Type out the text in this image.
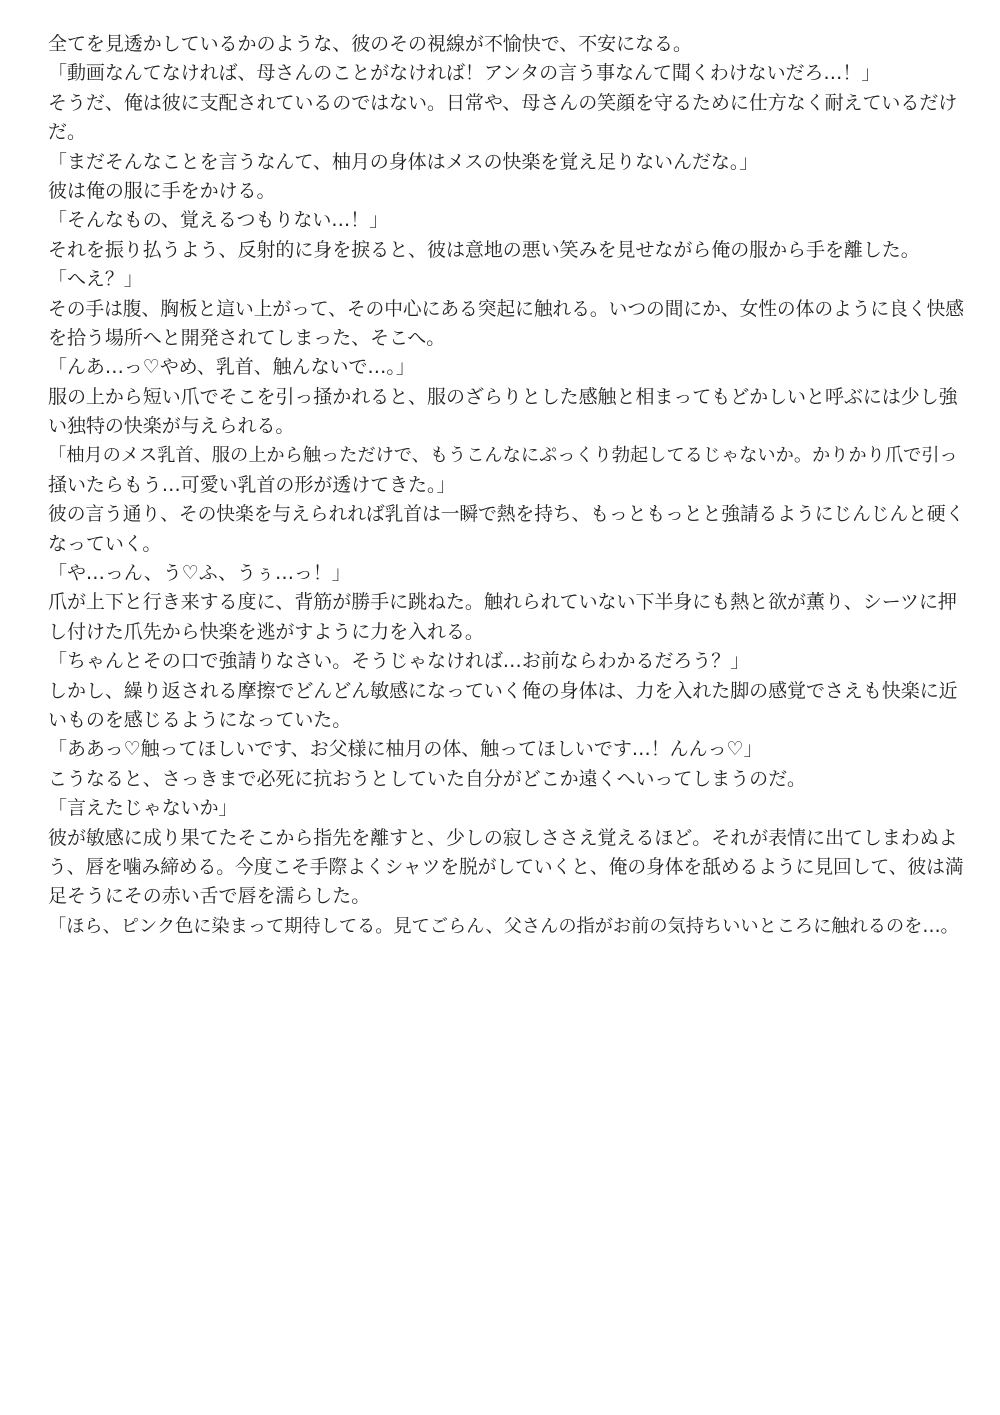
全てを見透かしているかのような、彼のその視線が不愉快で、不安になる。
「動画なんてなければ、母さんのことがなければ！アンタの言う事なんて聞くわけないだろ…！」
そうだ、俺は彼に支配されているのではない。日常や、母さんの笑顔を守るために仕方なく耐えているだけ
だ。
「まだそんなことを言うなんて、柚月の身体はメスの快楽を覚え足りないんだな。」
彼は俺の服に手をかける。
「そんなもの、覚えるつもりない…！」
それを振り払うよう、反射的に身を捩ると、彼は意地の悪い笑みを見せながら俺の服から手を離した。
「へえ？」
その手は腹、胸板と這い上がって、その中心にある突起に触れる。いつの間にか、女性の体のように良く快感
を拾う場所へと開発されてしまった、そこへ。
「んあ…っ♡やめ、乳首、触んないで…。」
服の上から短い爪でそこを引っ掻かれると、服のざらりとした感触と相まってもどかしいと呼ぶには少し強
い独特の快楽が与えられる。
「柚月のメス乳首、服の上から触っただけで、もうこんなにぷっくり勃起してるじゃないか。かりかり爪で引っ
掻いたらもう…可愛い乳首の形が透けてきた。」
彼の言う通り、その快楽を与えられれば乳首は一瞬で熱を持ち、もっともっとと強請るようにじんじんと硬く
なっていく。
「や…っん、う♡ふ、うぅ…っ！」
爪が上下と行き来する度に、背筋が勝手に跳ねた。触れられていない下半身にも熱と欲が薫り、シーツに押
し付けた爪先から快楽を逃がすように力を入れる。
「ちゃんとその口で強請りなさい。そうじゃなければ…お前ならわかるだろう？」
しかし、繰り返される摩擦でどんどん敏感になっていく俺の身体は、力を入れた脚の感覚でさえも快楽に近
いものを感じるようになっていた。
「ああっ♡触ってほしいです、お父様に柚月の体、触ってほしいです…！んんっ♡」
こうなると、さっきまで必死に抗おうとしていた自分がどこか遠くへいってしまうのだ。
「言えたじゃないか」
彼が敏感に成り果てたそこから指先を離すと、少しの寂しささえ覚えるほど。それが表情に出てしまわぬよ
う、唇を噛み締める。今度こそ手際よくシャツを脱がしていくと、俺の身体を舐めるように見回して、彼は満
足そうにその赤い舌で唇を濡らした。
「ほら、ピンク色に染まって期待してる。見てごらん、父さんの指がお前の気持ちいいところに触れるのを…。
